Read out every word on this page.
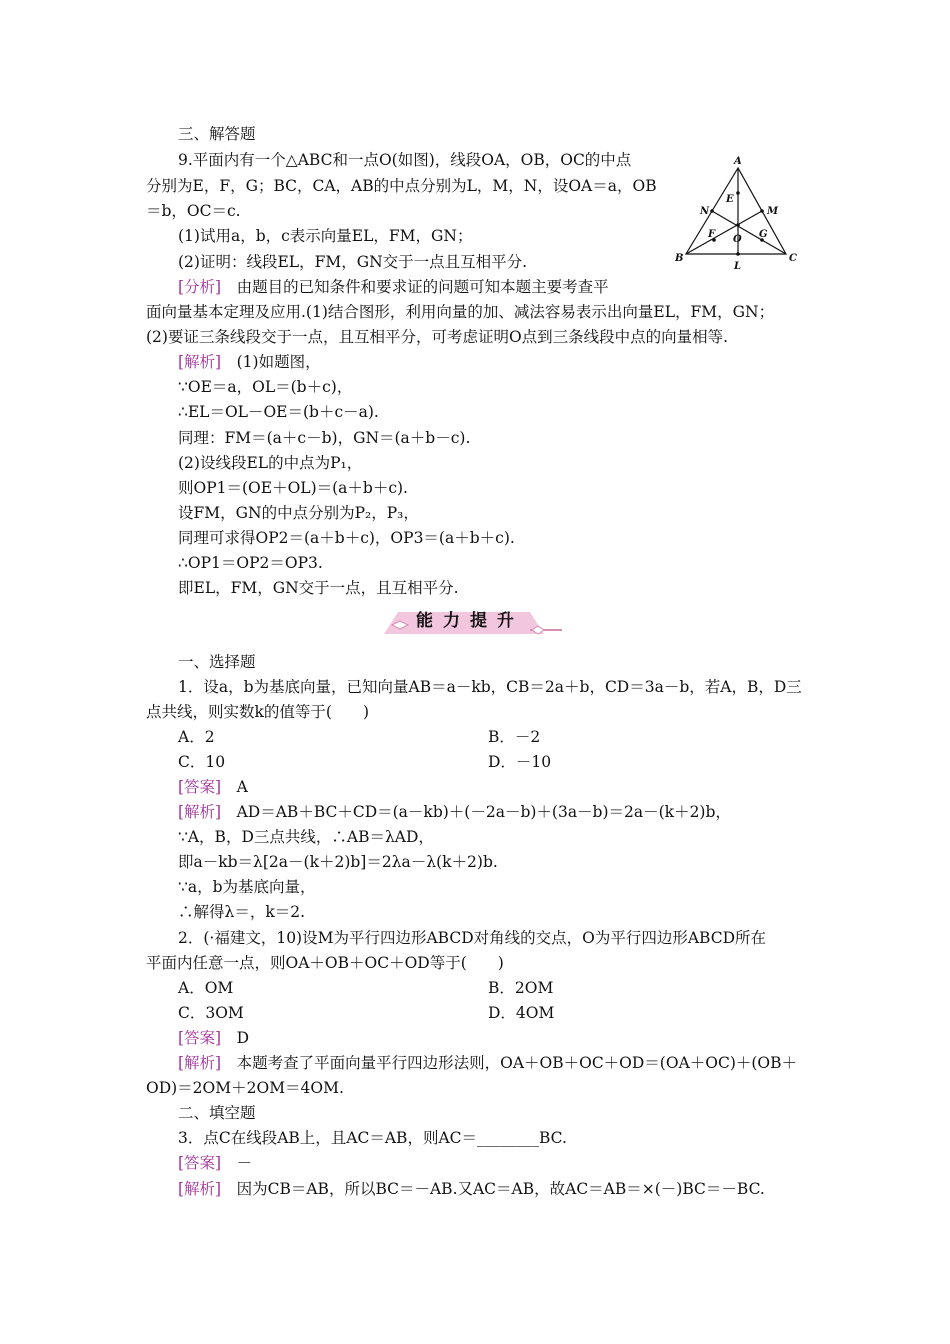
三、解答题
9.平面内有一个△ABC和一点O(如图)，线段OA，OB，OC的中点
分别为E，F，G；BC，CA，AB的中点分别为L，M，N，设OA＝a，OB
＝b，OC＝c.
(1)试用a，b，c表示向量EL，FM，GN；
(2)证明：线段EL，FM，GN交于一点且互相平分.
[分析]　由题目的已知条件和要求证的问题可知本题主要考查平
面向量基本定理及应用.(1)结合图形，利用向量的加、减法容易表示出向量EL，FM，GN；
(2)要证三条线段交于一点，且互相平分，可考虑证明O点到三条线段中点的向量相等.
[解析]　(1)如题图，
∵OE＝a，OL＝(b＋c)，
∴EL＝OL－OE＝(b＋c－a).
同理：FM＝(a＋c－b)，GN＝(a＋b－c).
(2)设线段EL的中点为P₁，
则OP1＝(OE＋OL)＝(a＋b＋c).
设FM，GN的中点分别为P₂，P₃，
同理可求得OP2＝(a＋b＋c)，OP3＝(a＋b＋c).
∴OP1＝OP2＝OP3.
即EL，FM，GN交于一点，且互相平分.
A
B	C
E
F	G
L
M
N
O
能力提升
一、选择题
1．设a，b为基底向量，已知向量AB＝a－kb，CB＝2a＋b，CD＝3a－b，若A，B，D三
点共线，则实数k的值等于(　　)
A．2	B．－2
C．10	D．－10
[答案]　A
[解析]　AD＝AB＋BC＋CD＝(a－kb)＋(－2a－b)＋(3a－b)＝2a－(k＋2)b，
∵A，B，D三点共线，∴AB＝λAD，
即a－kb＝λ[2a－(k＋2)b]＝2λa－λ(k＋2)b.
∵a，b为基底向量，
∴解得λ＝，k＝2.
2．(·福建文，10)设M为平行四边形ABCD对角线的交点，O为平行四边形ABCD所在
平面内任意一点，则OA＋OB＋OC＋OD等于(　　)
A．OM	B．2OM
C．3OM	D．4OM
[答案]　D
[解析]　本题考查了平面向量平行四边形法则，OA＋OB＋OC＋OD＝(OA＋OC)＋(OB＋
OD)＝2OM＋2OM＝4OM.
二、填空题
3．点C在线段AB上，且AC＝AB，则AC＝________BC.
[答案]　－
[解析]　因为CB＝AB，所以BC＝－AB.又AC＝AB，故AC＝AB＝×(－)BC＝－BC.
